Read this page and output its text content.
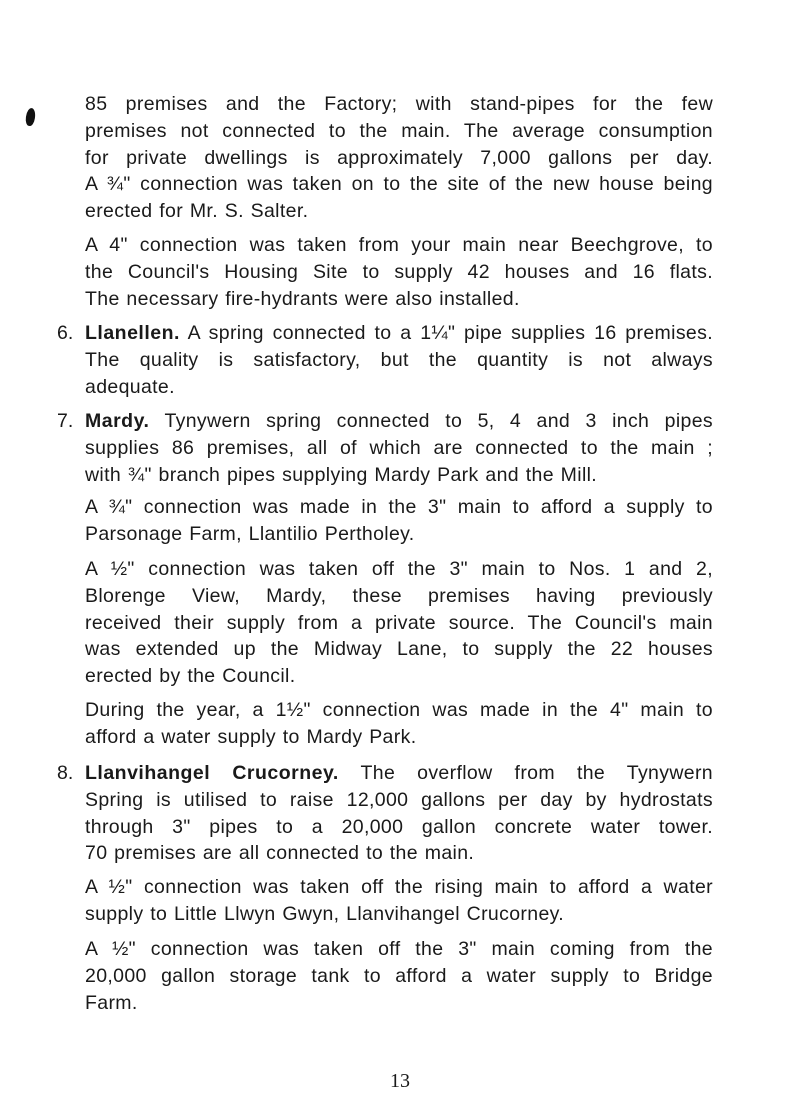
85 premises and the Factory; with stand-pipes for the few
premises not connected to the main. The average consumption
for private dwellings is approximately 7,000 gallons per day.
A ¾" connection was taken on to the site of the new house being
erected for Mr. S. Salter.
A 4" connection was taken from your main near Beechgrove, to
the Council's Housing Site to supply 42 houses and 16 flats.
The necessary fire-hydrants were also installed.
6. Llanellen. A spring connected to a 1¼" pipe supplies 16 premises.
The quality is satisfactory, but the quantity is not always
adequate.
7. Mardy. Tynywern spring connected to 5, 4 and 3 inch pipes
supplies 86 premises, all of which are connected to the main ;
with ¾" branch pipes supplying Mardy Park and the Mill.
A ¾" connection was made in the 3" main to afford a supply to
Parsonage Farm, Llantilio Pertholey.
A ½" connection was taken off the 3" main to Nos. 1 and 2,
Blorenge View, Mardy, these premises having previously
received their supply from a private source. The Council's main
was extended up the Midway Lane, to supply the 22 houses
erected by the Council.
During the year, a 1½" connection was made in the 4" main to
afford a water supply to Mardy Park.
8. Llanvihangel Crucorney. The overflow from the Tynywern
Spring is utilised to raise 12,000 gallons per day by hydrostats
through 3" pipes to a 20,000 gallon concrete water tower.
70 premises are all connected to the main.
A ½" connection was taken off the rising main to afford a water
supply to Little Llwyn Gwyn, Llanvihangel Crucorney.
A ½" connection was taken off the 3" main coming from the
20,000 gallon storage tank to afford a water supply to Bridge
Farm.
13
